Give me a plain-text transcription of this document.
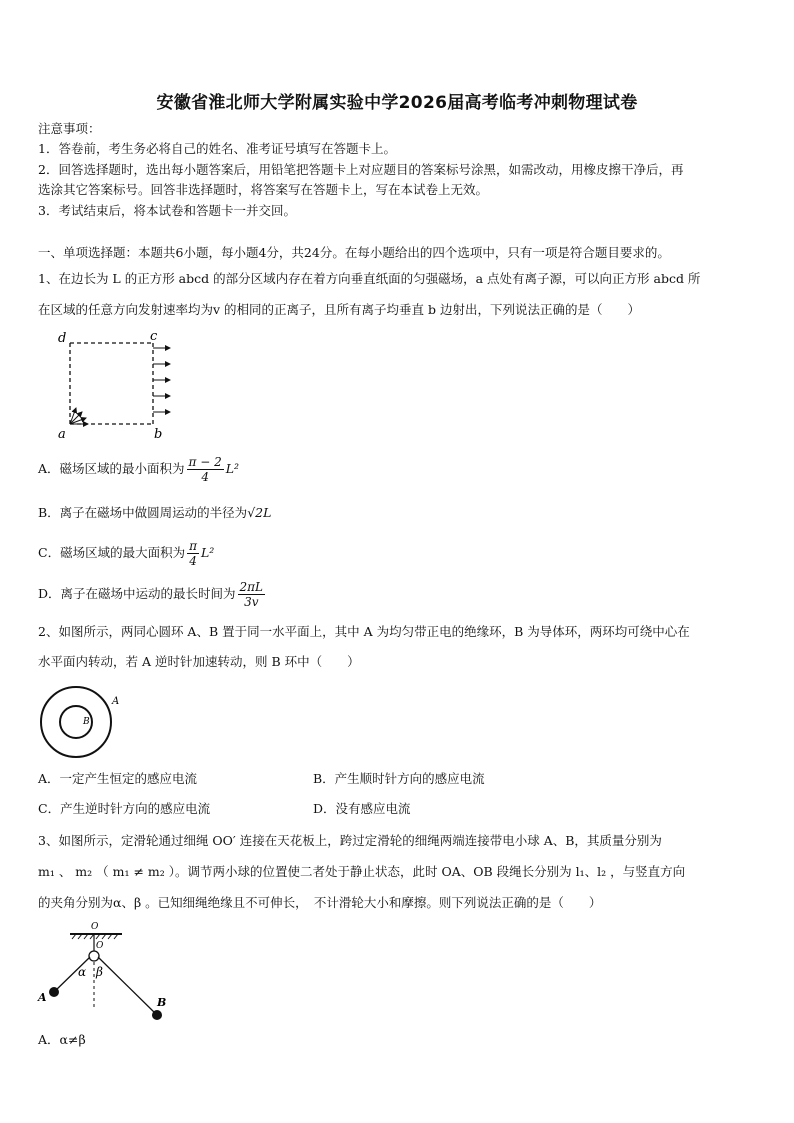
安徽省淮北师大学附属实验中学2026届高考临考冲刺物理试卷
注意事项：
1．答卷前，考生务必将自己的姓名、准考证号填写在答题卡上。
2．回答选择题时，选出每小题答案后，用铅笔把答题卡上对应题目的答案标号涂黑，如需改动，用橡皮擦干净后，再
选涂其它答案标号。回答非选择题时，将答案写在答题卡上，写在本试卷上无效。
3．考试结束后，将本试卷和答题卡一并交回。
一、单项选择题：本题共6小题，每小题4分，共24分。在每小题给出的四个选项中，只有一项是符合题目要求的。
1、在边长为 L 的正方形 abcd 的部分区域内存在着方向垂直纸面的匀强磁场，a 点处有离子源，可以向正方形 abcd 所
在区域的任意方向发射速率均为v 的相同的正离子，且所有离子均垂直 b 边射出，下列说法正确的是（　　）
d	c
a	b
A．磁场区域的最小面积为 $\frac{\pi - 2}{4} L^2$
B．离子在磁场中做圆周运动的半径为√2L
C．磁场区域的最大面积为 $\frac{\pi}{4} L^2$
D．离子在磁场中运动的最长时间为 $\frac{2\pi L}{3v}$
2、如图所示，两同心圆环 A、B 置于同一水平面上，其中 A 为均匀带正电的绝缘环，B 为导体环，两环均可绕中心在
水平面内转动，若 A 逆时针加速转动，则 B 环中（　　）
A
B
A．一定产生恒定的感应电流	B．产生顺时针方向的感应电流
C．产生逆时针方向的感应电流	D．没有感应电流
3、如图所示，定滑轮通过细绳 OO′ 连接在天花板上，跨过定滑轮的细绳两端连接带电小球 A、B，其质量分别为
m₁ 、 m₂ （ m₁ ≠ m₂ ）。调节两小球的位置使二者处于静止状态，此时 OA、OB 段绳长分别为 l₁、l₂ ，与竖直方向
的夹角分别为α、β 。已知细绳绝缘且不可伸长，　不计滑轮大小和摩擦。则下列说法正确的是（　　）
O
O
α β
A	B
A．α≠β
